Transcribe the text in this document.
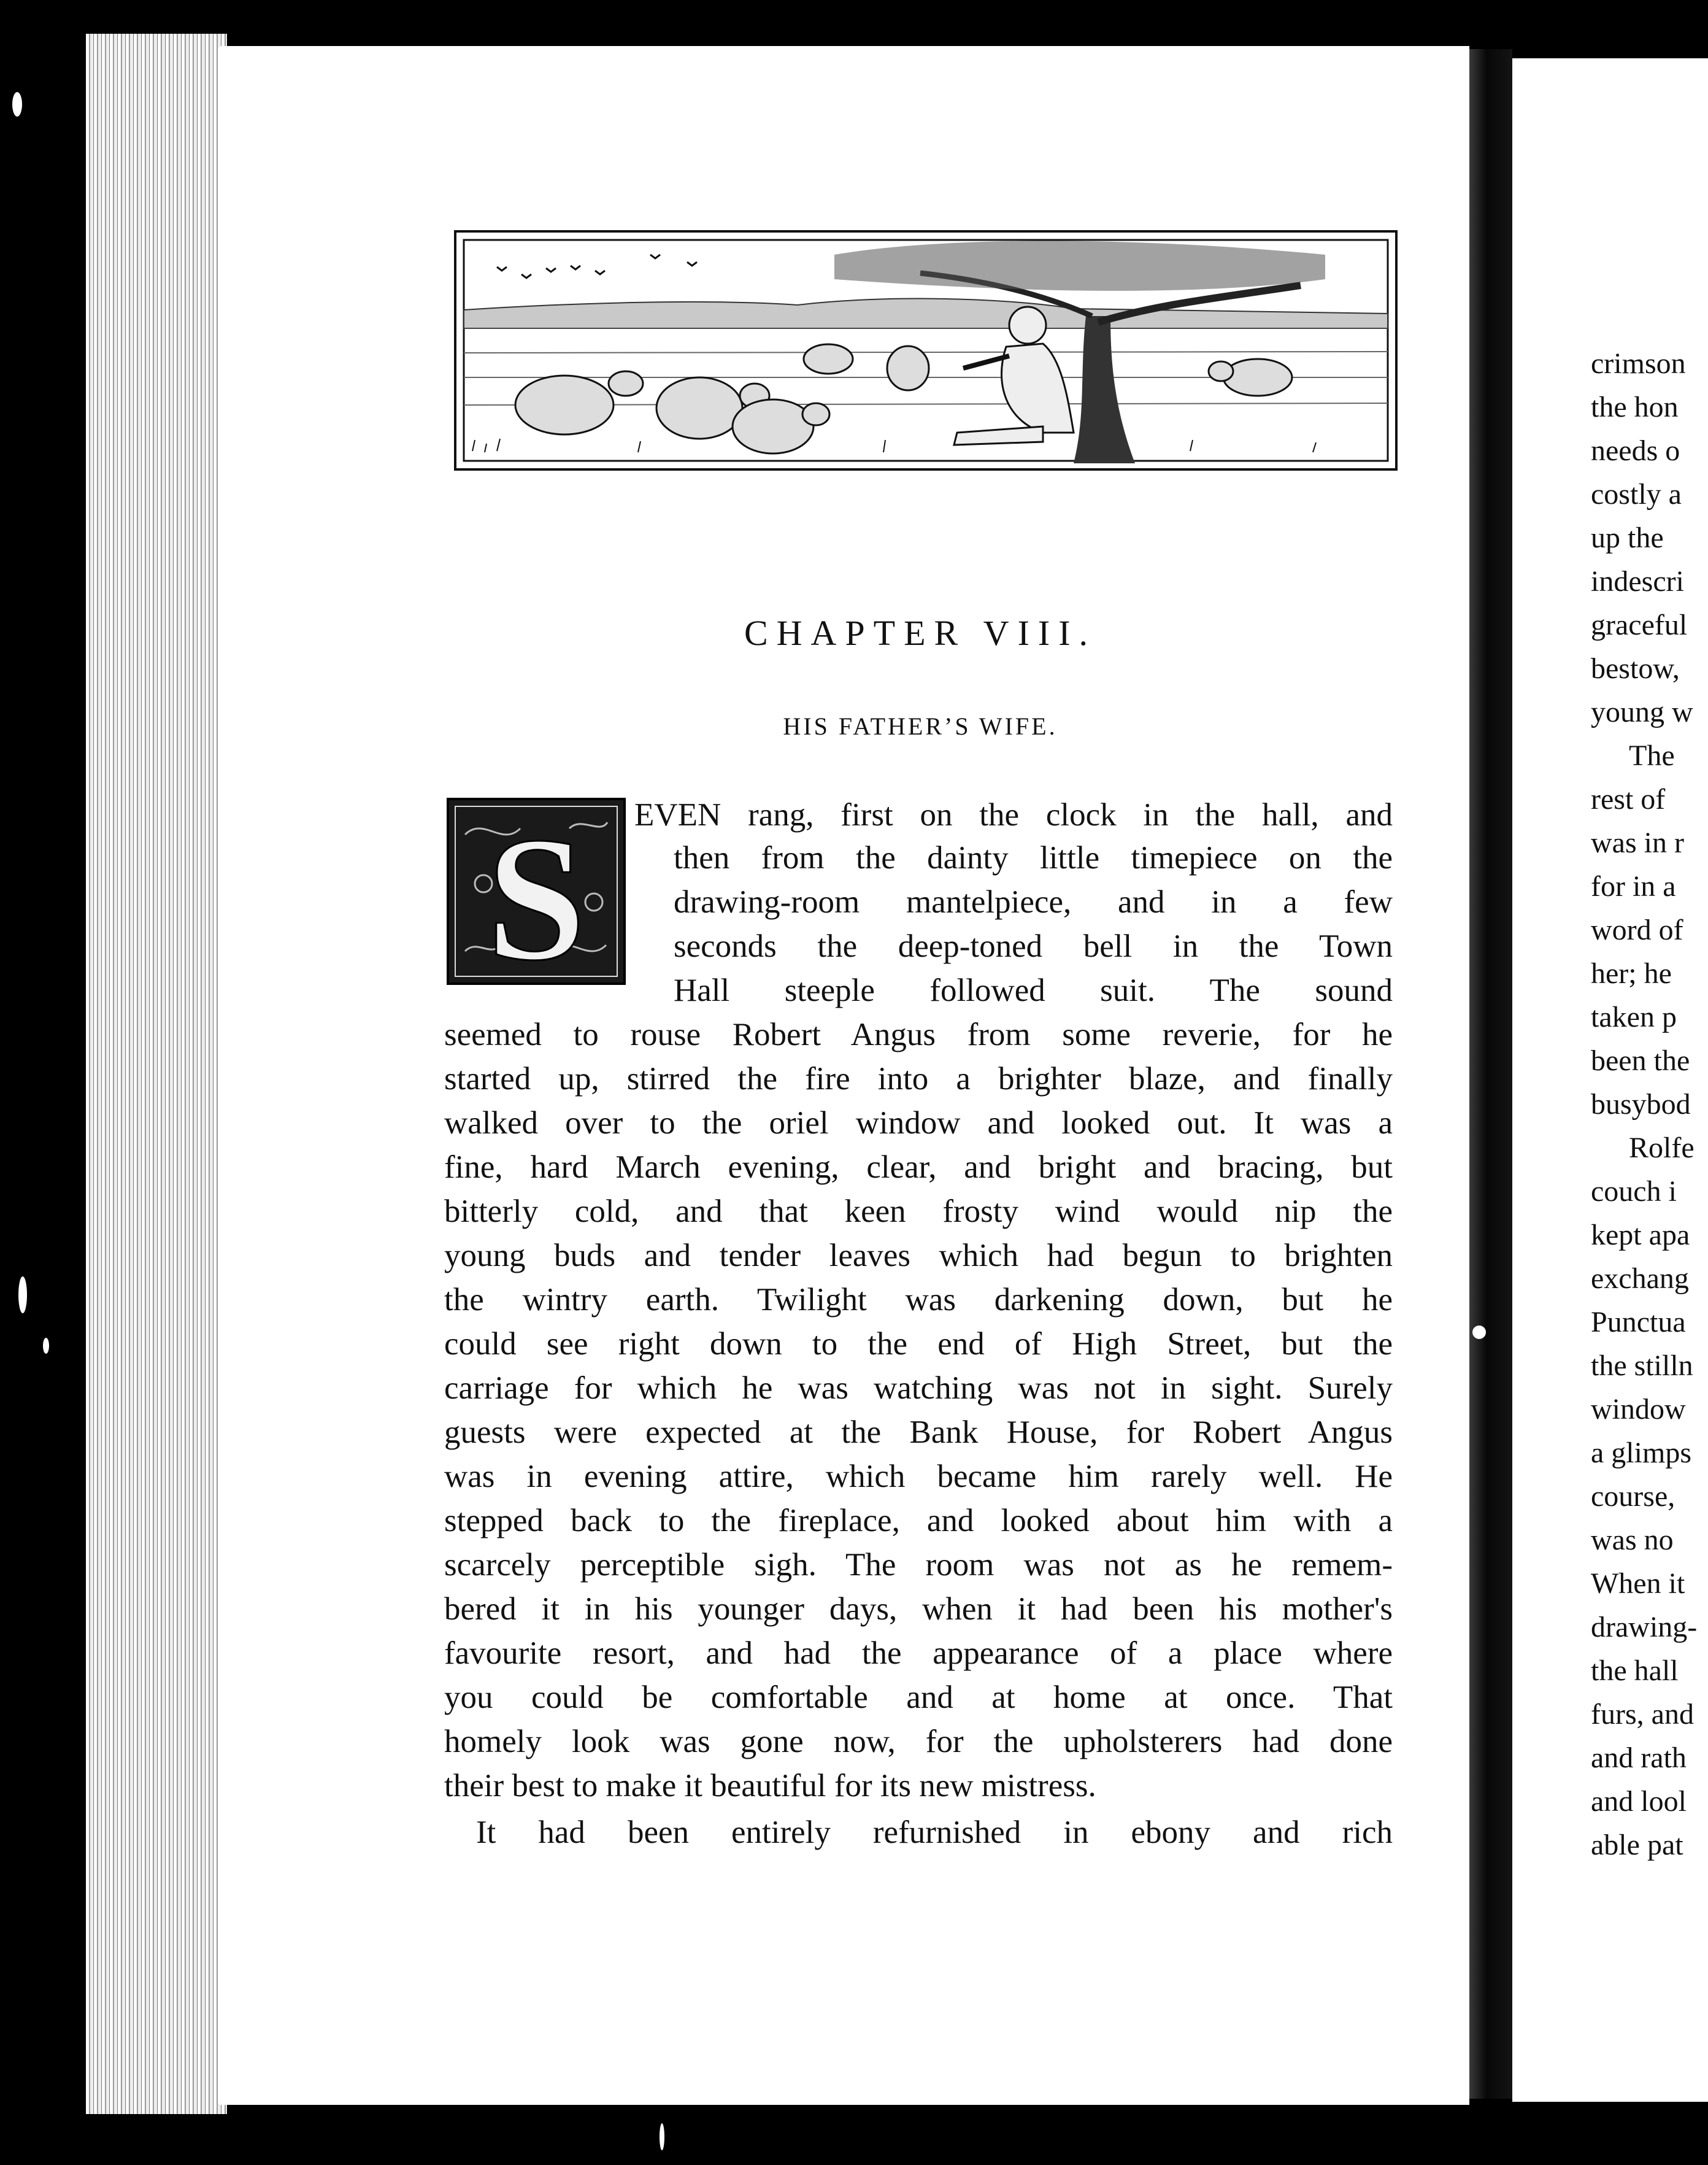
CHAPTER VIII.
HIS FATHER’S WIFE.
S EVEN rang, first on the clock in the hall, and
then from the dainty little timepiece on the
drawing-room mantelpiece, and in a few
seconds the deep-toned bell in the Town
Hall steeple followed suit. The sound
seemed to rouse Robert Angus from some reverie, for he
started up, stirred the fire into a brighter blaze, and finally
walked over to the oriel window and looked out. It was a
fine, hard March evening, clear, and bright and bracing, but
bitterly cold, and that keen frosty wind would nip the
young buds and tender leaves which had begun to brighten
the wintry earth. Twilight was darkening down, but he
could see right down to the end of High Street, but the
carriage for which he was watching was not in sight. Surely
guests were expected at the Bank House, for Robert Angus
was in evening attire, which became him rarely well. He
stepped back to the fireplace, and looked about him with a
scarcely perceptible sigh. The room was not as he remem-
bered it in his younger days, when it had been his mother's
favourite resort, and had the appearance of a place where
you could be comfortable and at home at once. That
homely look was gone now, for the upholsterers had done
their best to make it beautiful for its new mistress.
It had been entirely refurnished in ebony and rich
crimson
the hon
needs o
costly a
up the
indescri
graceful
bestow,
young w
The
rest of
was in r
for in a
word of
her; he
taken p
been the
busybod
Rolfe
couch i
kept apa
exchang
Punctua
the stilln
window
a glimps
course,
was no
When it
drawing-
the hall
furs, and
and rath
and lool
able pat
